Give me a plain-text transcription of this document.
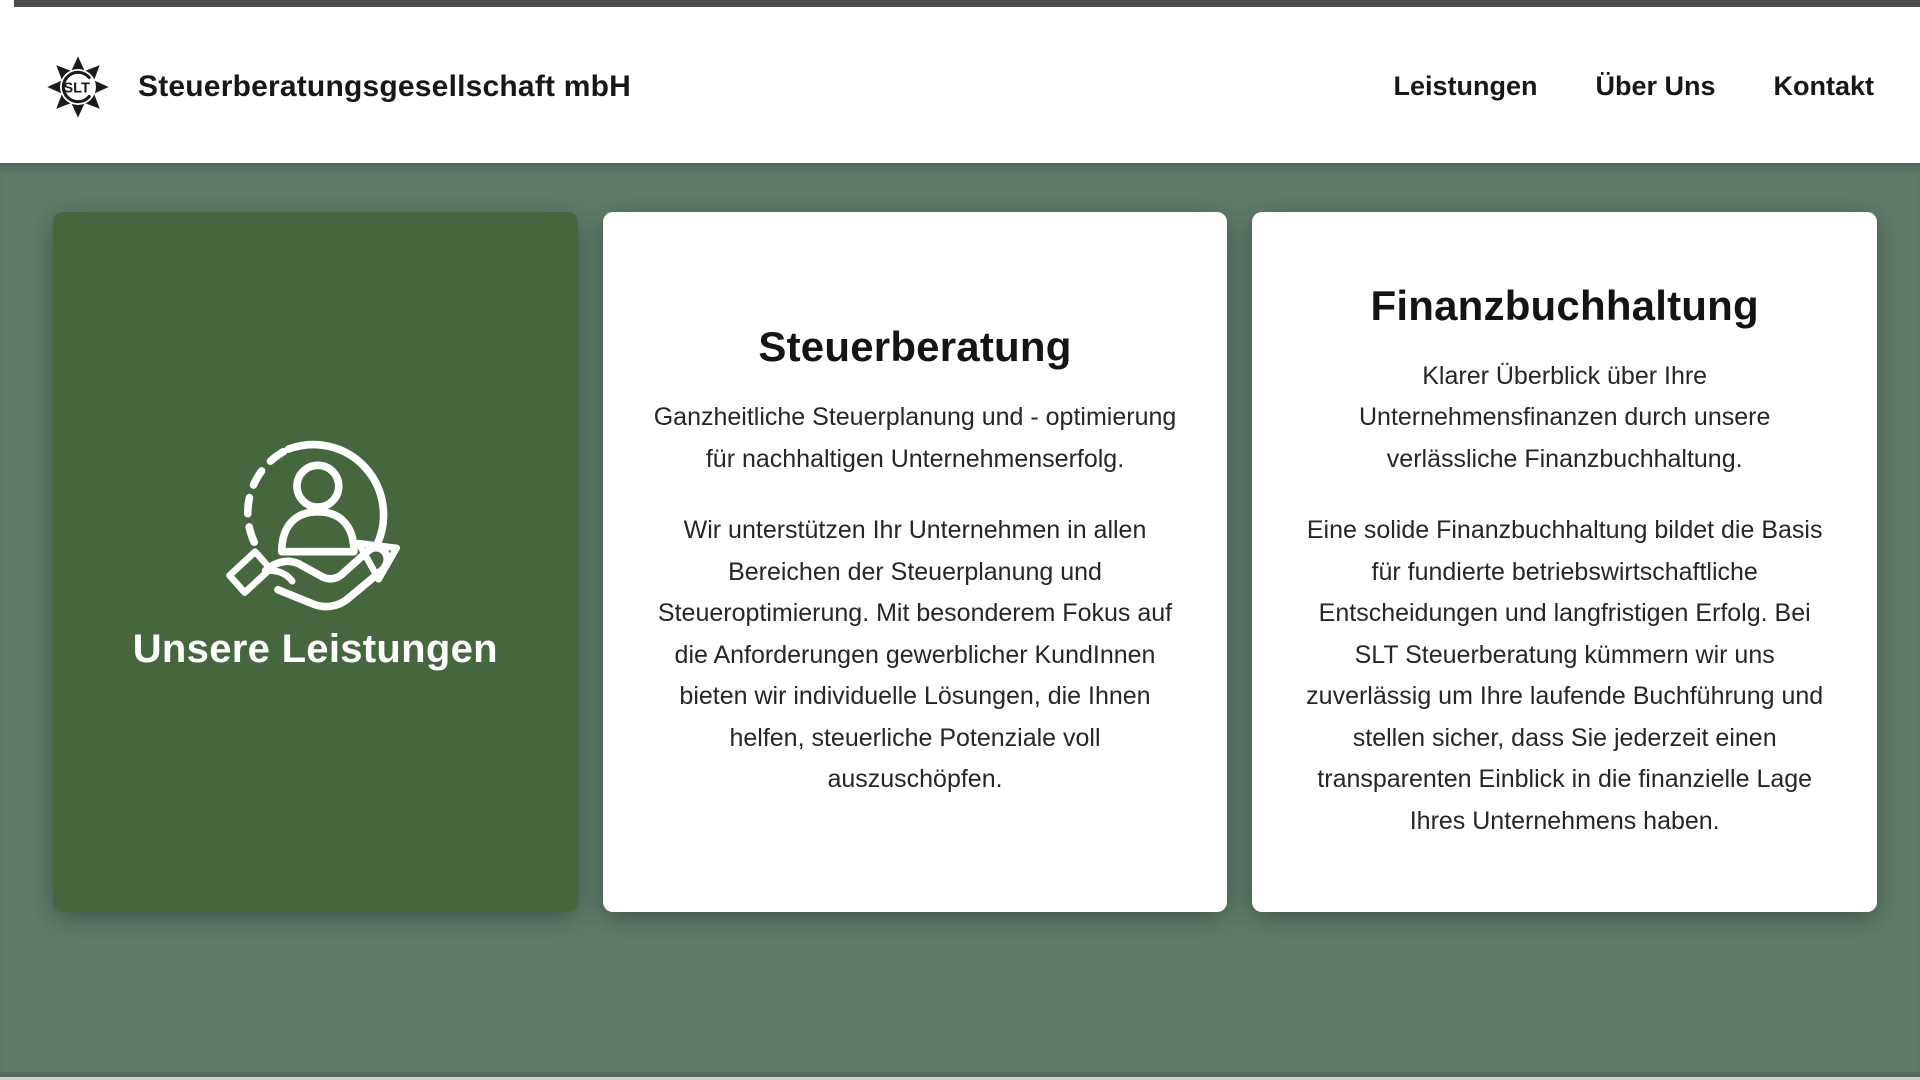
SLT Steuerberatungsgesellschaft mbH	Leistungen Über Uns Kontakt
Unsere Leistungen
Steuerberatung

Ganzheitliche Steuerplanung und - optimierung für nachhaltigen Unternehmenserfolg.

Wir unterstützen Ihr Unternehmen in allen Bereichen der Steuerplanung und Steueroptimierung. Mit besonderem Fokus auf die Anforderungen gewerblicher KundInnen bieten wir individuelle Lösungen, die Ihnen helfen, steuerliche Potenziale voll auszuschöpfen.

Finanzbuchhaltung

Klarer Überblick über Ihre Unternehmensfinanzen durch unsere verlässliche Finanzbuchhaltung.

Eine solide Finanzbuchhaltung bildet die Basis für fundierte betriebswirtschaftliche Entscheidungen und langfristigen Erfolg. Bei SLT Steuerberatung kümmern wir uns zuverlässig um Ihre laufende Buchführung und stellen sicher, dass Sie jederzeit einen transparenten Einblick in die finanzielle Lage Ihres Unternehmens haben.
